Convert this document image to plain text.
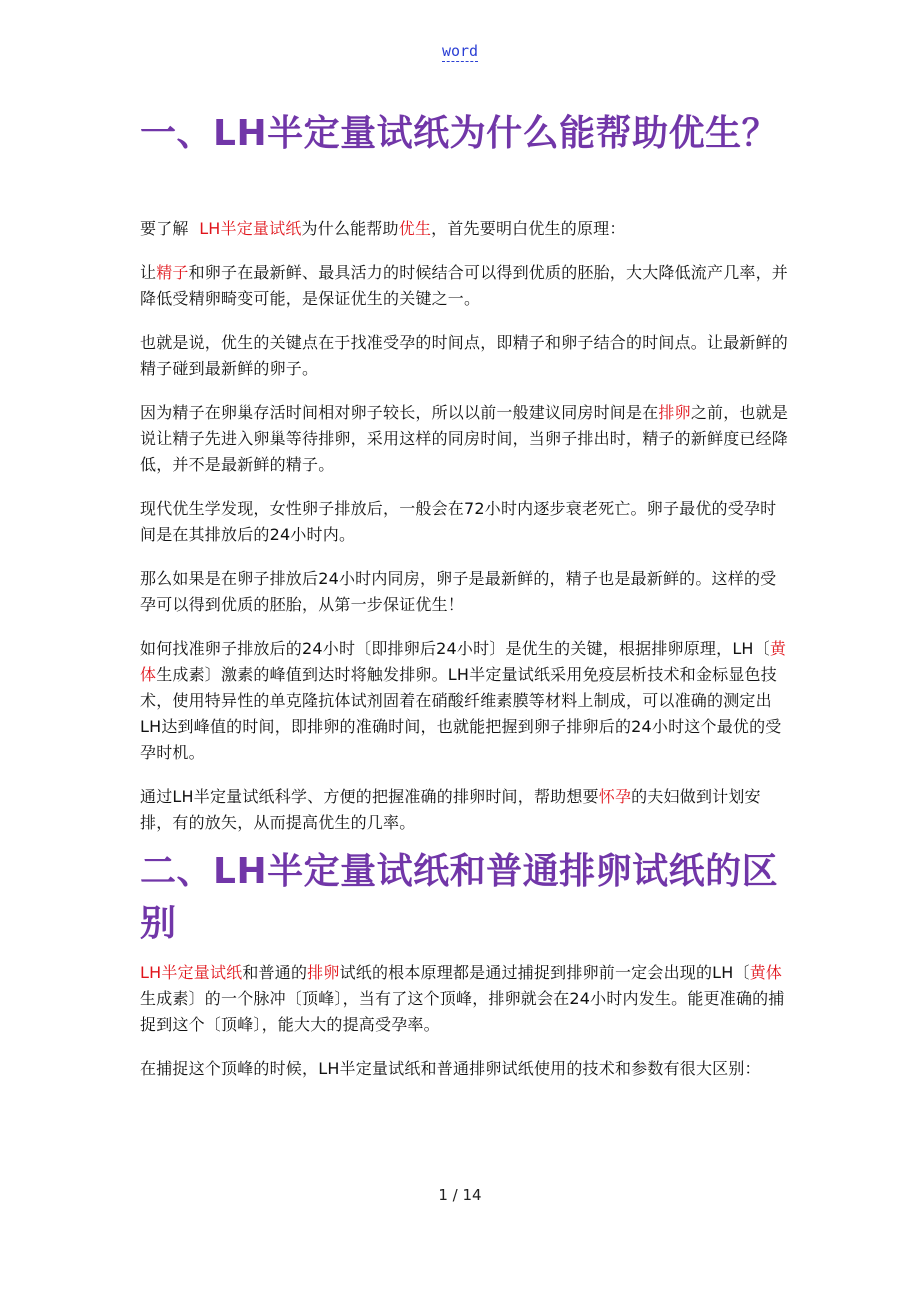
word
一、LH半定量试纸为什么能帮助优生？

要了解  LH半定量试纸为什么能帮助优生，首先要明白优生的原理：

让精子和卵子在最新鲜、最具活力的时候结合可以得到优质的胚胎，大大降低流产几率，并降低受精卵畸变可能，是保证优生的关键之一。

也就是说，优生的关键点在于找准受孕的时间点，即精子和卵子结合的时间点。让最新鲜的精子碰到最新鲜的卵子。

因为精子在卵巢存活时间相对卵子较长，所以以前一般建议同房时间是在排卵之前，也就是说让精子先进入卵巢等待排卵，采用这样的同房时间，当卵子排出时，精子的新鲜度已经降低，并不是最新鲜的精子。

现代优生学发现，女性卵子排放后，一般会在72小时内逐步衰老死亡。卵子最优的受孕时间是在其排放后的24小时内。

那么如果是在卵子排放后24小时内同房，卵子是最新鲜的，精子也是最新鲜的。这样的受孕可以得到优质的胚胎，从第一步保证优生！

如何找准卵子排放后的24小时〔即排卵后24小时〕是优生的关键，根据排卵原理，LH〔黄体生成素〕激素的峰值到达时将触发排卵。LH半定量试纸采用免疫层析技术和金标显色技术，使用特异性的单克隆抗体试剂固着在硝酸纤维素膜等材料上制成，可以准确的测定出LH达到峰值的时间，即排卵的准确时间，也就能把握到卵子排卵后的24小时这个最优的受孕时机。

通过LH半定量试纸科学、方便的把握准确的排卵时间，帮助想要怀孕的夫妇做到计划安排，有的放矢，从而提高优生的几率。

二、LH半定量试纸和普通排卵试纸的区别

LH半定量试纸和普通的排卵试纸的根本原理都是通过捕捉到排卵前一定会出现的LH〔黄体生成素〕的一个脉冲〔顶峰〕，当有了这个顶峰，排卵就会在24小时内发生。能更准确的捕捉到这个〔顶峰〕，能大大的提高受孕率。

在捕捉这个顶峰的时候，LH半定量试纸和普通排卵试纸使用的技术和参数有很大区别：

1 / 14
